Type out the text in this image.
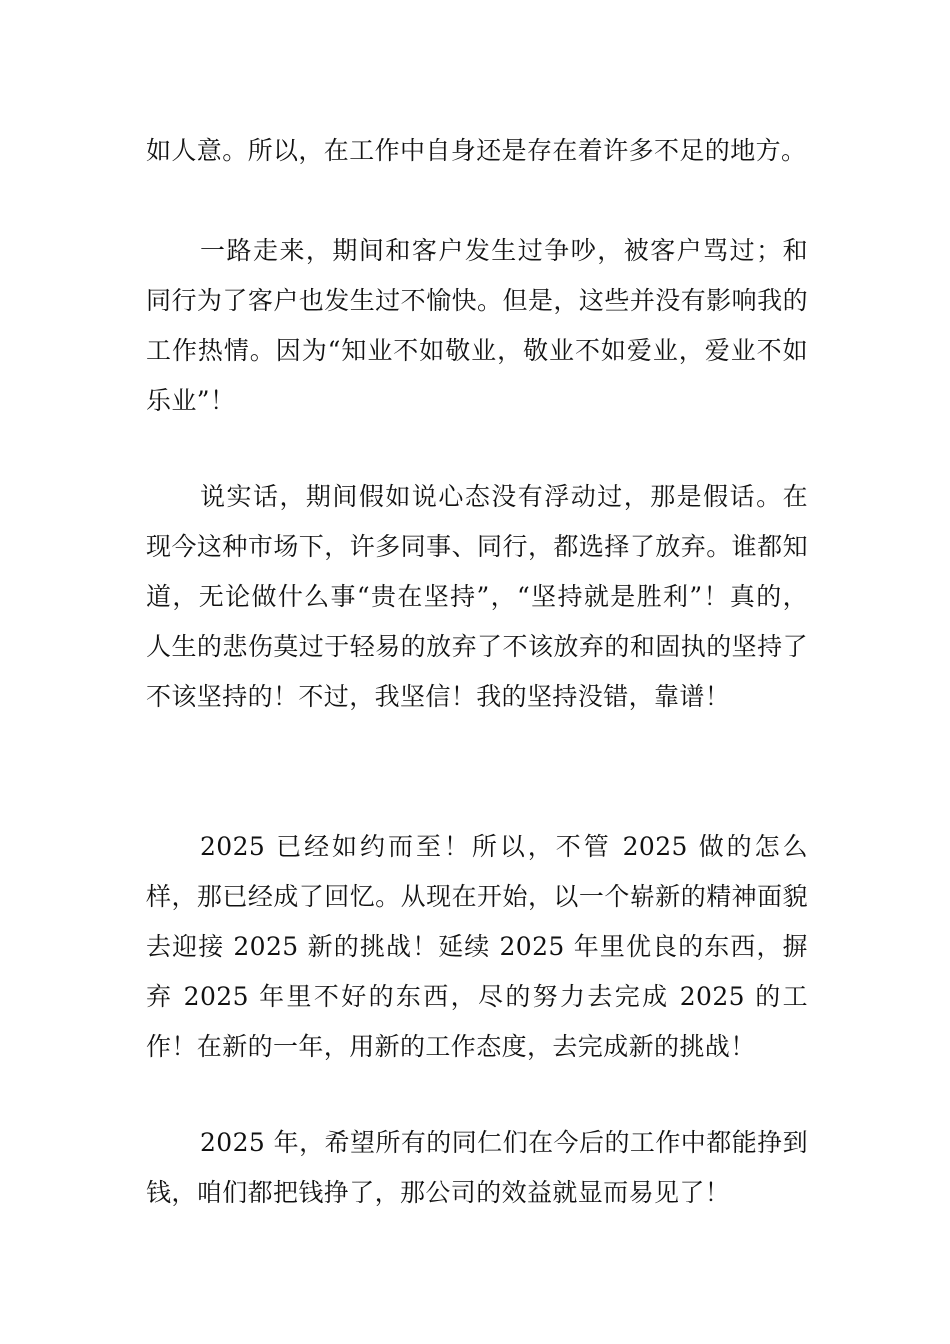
如人意。所以，在工作中自身还是存在着许多不足的地方。

一路走来，期间和客户发生过争吵，被客户骂过；和同行为了客户也发生过不愉快。但是，这些并没有影响我的工作热情。因为“知业不如敬业，敬业不如爱业，爱业不如乐业”！

说实话，期间假如说心态没有浮动过，那是假话。在现今这种市场下，许多同事、同行，都选择了放弃。谁都知道，无论做什么事“贵在坚持”，“坚持就是胜利”！真的，人生的悲伤莫过于轻易的放弃了不该放弃的和固执的坚持了不该坚持的！不过，我坚信！我的坚持没错，靠谱！

2025 已经如约而至！所以，不管 2025 做的怎么样，那已经成了回忆。从现在开始，以一个崭新的精神面貌去迎接 2025 新的挑战！延续 2025 年里优良的东西，摒弃 2025 年里不好的东西，尽的努力去完成 2025 的工作！在新的一年，用新的工作态度，去完成新的挑战！

2025 年，希望所有的同仁们在今后的工作中都能挣到钱，咱们都把钱挣了，那公司的效益就显而易见了！
